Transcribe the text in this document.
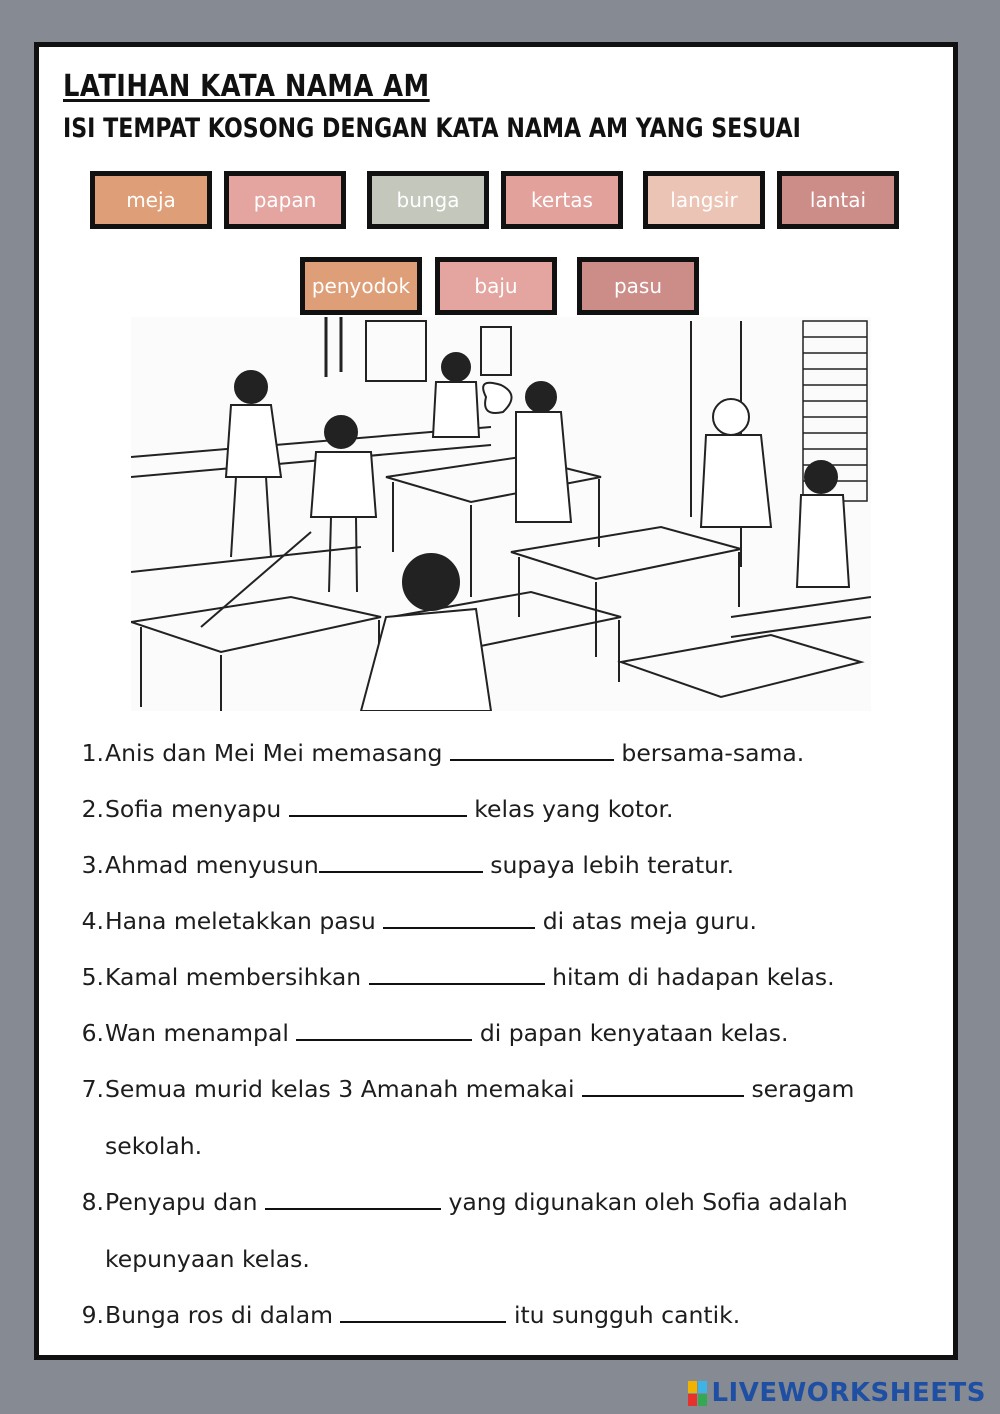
LATIHAN KATA NAMA AM
ISI TEMPAT KOSONG DENGAN KATA NAMA AM YANG SESUAI
meja	papan	bunga	kertas	langsir	lantai
penyodok	baju	pasu
1. Anis dan Mei Mei memasang	bersama-sama.
2. Sofia menyapu	kelas yang kotor.
3. Ahmad menyusun	supaya lebih teratur.
4. Hana meletakkan pasu	di atas meja guru.
5. Kamal membersihkan	hitam di hadapan kelas.
6. Wan menampal	di papan kenyataan kelas.
7. Semua murid kelas 3 Amanah memakai	seragam
sekolah.
8. Penyapu dan	yang digunakan oleh Sofia adalah
kepunyaan kelas.
9. Bunga ros di dalam	itu sungguh cantik.
LIVEWORKSHEETS
